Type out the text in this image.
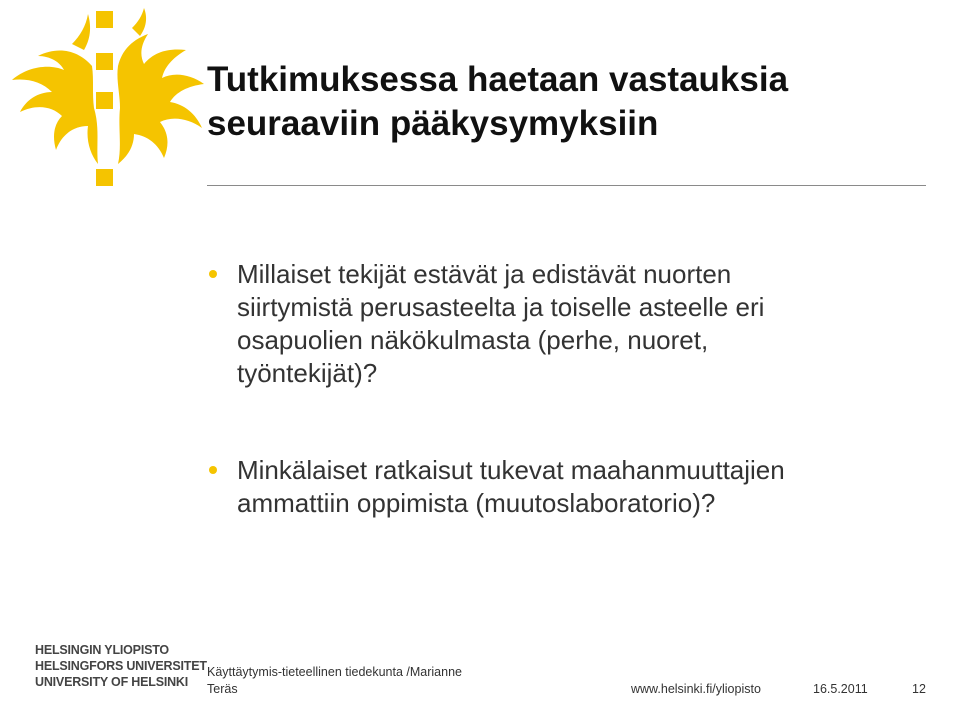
Tutkimuksessa haetaan vastauksia
seuraaviin pääkysymyksiin
Millaiset tekijät estävät ja edistävät nuorten
siirtymistä perusasteelta ja toiselle asteelle eri
osapuolien näkökulmasta (perhe, nuoret,
työntekijät)?
Minkälaiset ratkaisut tukevat maahanmuuttajien
ammattiin oppimista (muutoslaboratorio)?
HELSINGIN YLIOPISTO
HELSINGFORS UNIVERSITET
UNIVERSITY OF HELSINKI
Käyttäytymis-tieteellinen tiedekunta /Marianne
Teräs	www.helsinki.fi/yliopisto	16.5.2011	12
